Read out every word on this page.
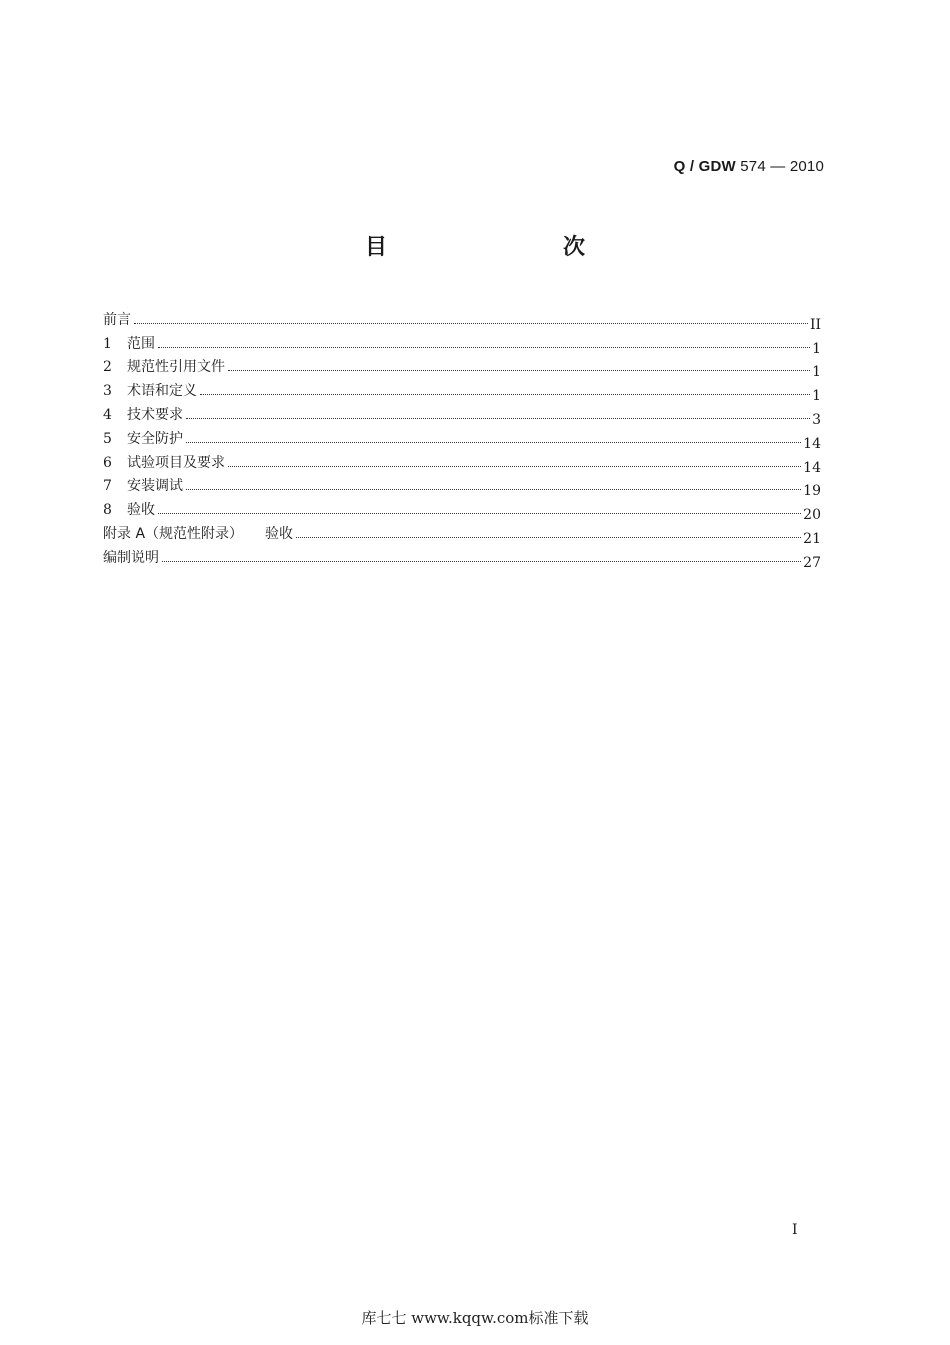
Q / GDW 574 — 2010
目　　次
前言	II
1	范围	1
2	规范性引用文件	1
3	术语和定义	1
4	技术要求	3
5	安全防护	14
6	试验项目及要求	14
7	安装调试	19
8	验收	20
附录 A（规范性附录） 验收	21
编制说明	27
I
库七七 www.kqqw.com标准下载
